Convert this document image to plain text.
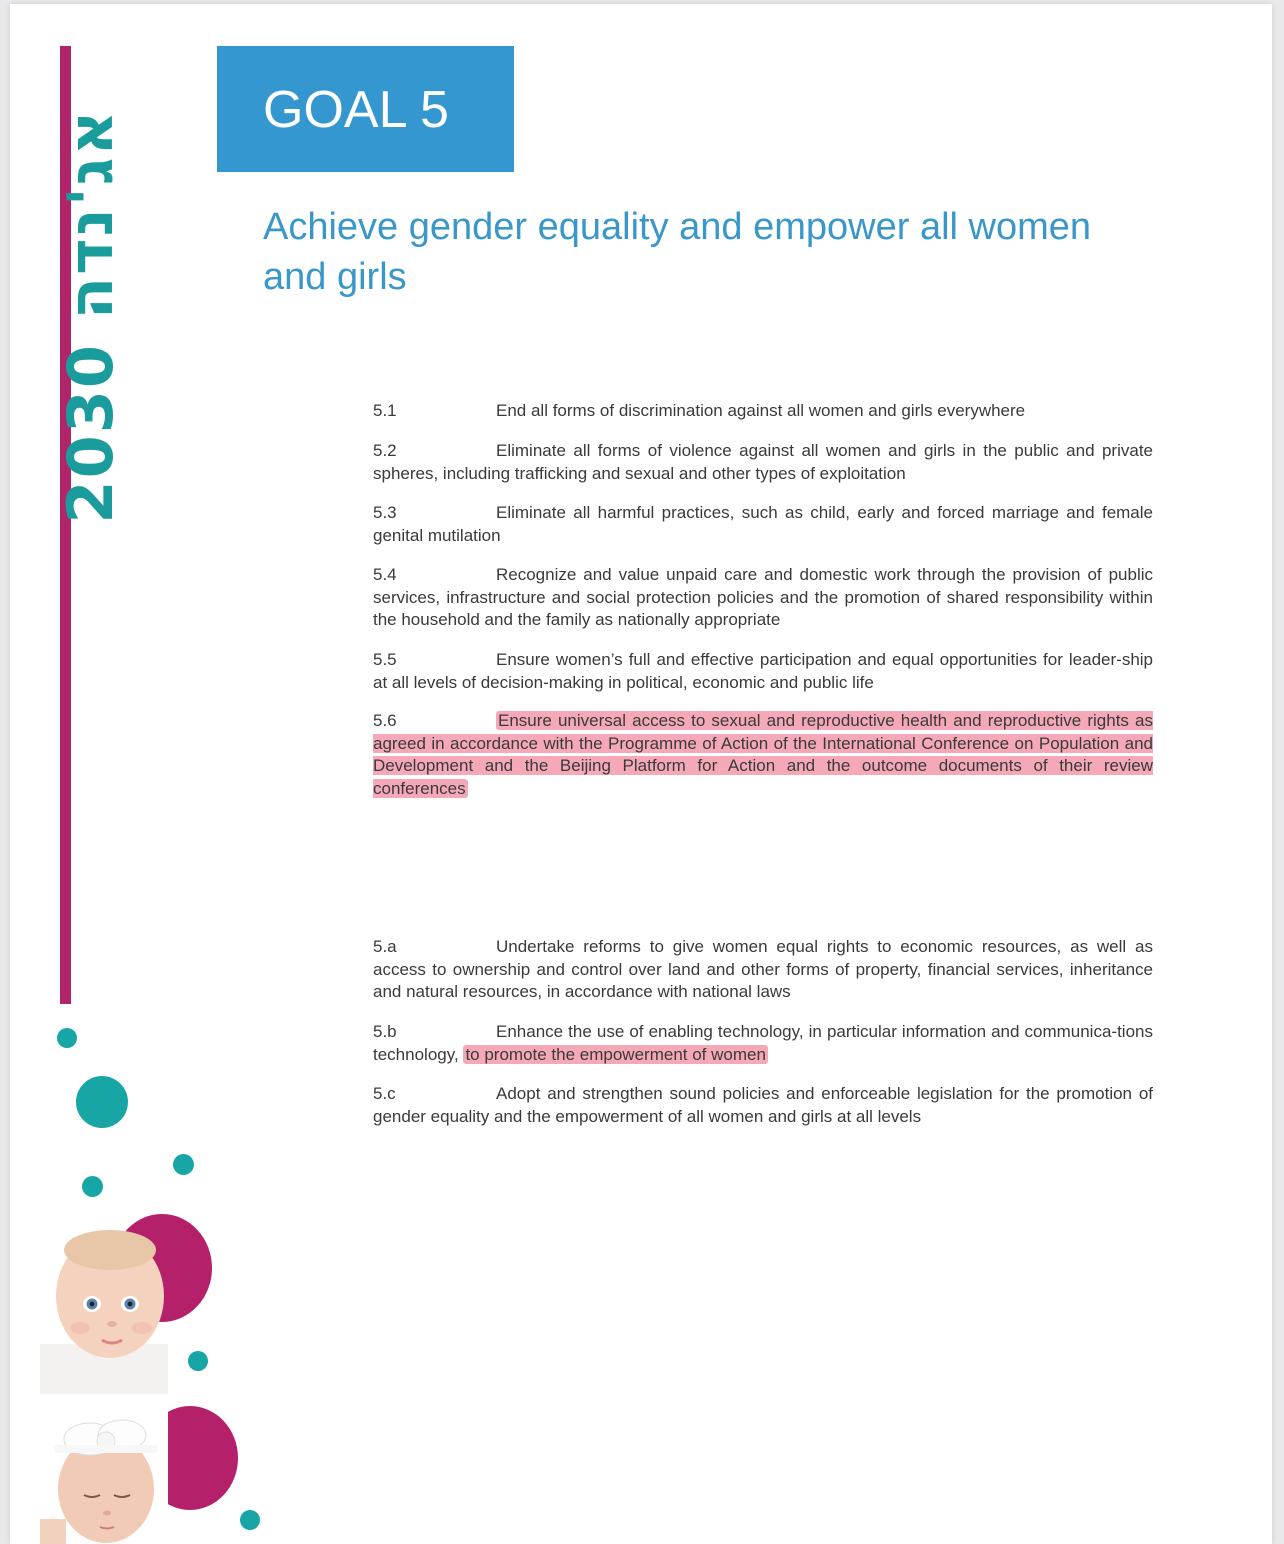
אג'נדה 2030	GOAL 5
Achieve gender equality and empower all women and girls
5.1	End all forms of discrimination against all women and girls everywhere
5.2	Eliminate all forms of violence against all women and girls in the public and private spheres, including trafficking and sexual and other types of exploitation
5.3	Eliminate all harmful practices, such as child, early and forced marriage and female genital mutilation
5.4	Recognize and value unpaid care and domestic work through the provision of public services, infrastructure and social protection policies and the promotion of shared responsibility within the household and the family as nationally appropriate
5.5	Ensure women’s full and effective participation and equal opportunities for leader-ship at all levels of decision-making in political, economic and public life
5.6	Ensure universal access to sexual and reproductive health and reproductive rights as agreed in accordance with the Programme of Action of the International Conference on Population and Development and the Beijing Platform for Action and the outcome documents of their review conferences
5.a	Undertake reforms to give women equal rights to economic resources, as well as access to ownership and control over land and other forms of property, financial services, inheritance and natural resources, in accordance with national laws
5.b	Enhance the use of enabling technology, in particular information and communica-tions technology, to promote the empowerment of women
5.c	Adopt and strengthen sound policies and enforceable legislation for the promotion of gender equality and the empowerment of all women and girls at all levels
